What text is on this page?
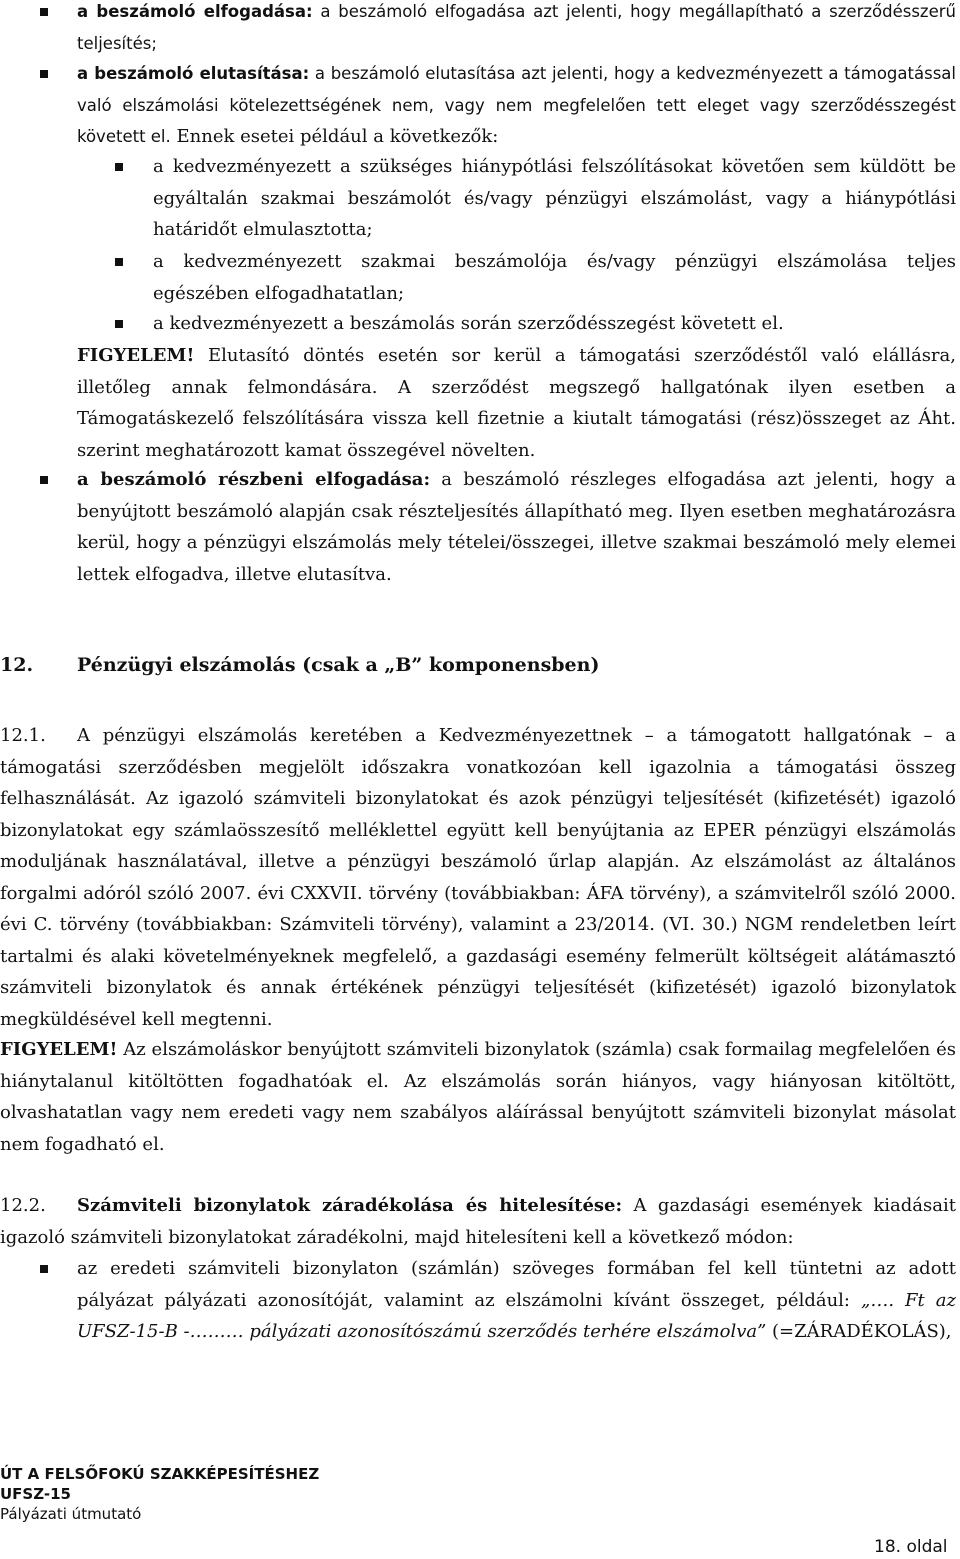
a beszámoló elfogadása: a beszámoló elfogadása azt jelenti, hogy megállapítható a szerződésszerű teljesítés;

a beszámoló elutasítása: a beszámoló elutasítása azt jelenti, hogy a kedvezményezett a támogatással való elszámolási kötelezettségének nem, vagy nem megfelelően tett eleget vagy szerződésszegést követett el. Ennek esetei például a következők:

a kedvezményezett a szükséges hiánypótlási felszólításokat követően sem küldött be egyáltalán szakmai beszámolót és/vagy pénzügyi elszámolást, vagy a hiánypótlási határidőt elmulasztotta;

a kedvezményezett szakmai beszámolója és/vagy pénzügyi elszámolása teljes egészében elfogadhatatlan;

a kedvezményezett a beszámolás során szerződésszegést követett el.

FIGYELEM! Elutasító döntés esetén sor kerül a támogatási szerződéstől való elállásra, illetőleg annak felmondására. A szerződést megszegő hallgatónak ilyen esetben a Támogatáskezelő felszólítására vissza kell fizetnie a kiutalt támogatási (rész)összeget az Áht. szerint meghatározott kamat összegével növelten.

a beszámoló részbeni elfogadása: a beszámoló részleges elfogadása azt jelenti, hogy a benyújtott beszámoló alapján csak részteljesítés állapítható meg. Ilyen esetben meghatározásra kerül, hogy a pénzügyi elszámolás mely tételei/összegei, illetve szakmai beszámoló mely elemei lettek elfogadva, illetve elutasítva.

12. Pénzügyi elszámolás (csak a „B” komponensben)

12.1. A pénzügyi elszámolás keretében a Kedvezményezettnek – a támogatott hallgatónak – a támogatási szerződésben megjelölt időszakra vonatkozóan kell igazolnia a támogatási összeg felhasználását. Az igazoló számviteli bizonylatokat és azok pénzügyi teljesítését (kifizetését) igazoló bizonylatokat egy számlaösszesítő melléklettel együtt kell benyújtania az EPER pénzügyi elszámolás moduljának használatával, illetve a pénzügyi beszámoló űrlap alapján. Az elszámolást az általános forgalmi adóról szóló 2007. évi CXXVII. törvény (továbbiakban: ÁFA törvény), a számvitelről szóló 2000. évi C. törvény (továbbiakban: Számviteli törvény), valamint a 23/2014. (VI. 30.) NGM rendeletben leírt tartalmi és alaki követelményeknek megfelelő, a gazdasági esemény felmerült költségeit alátámasztó számviteli bizonylatok és annak értékének pénzügyi teljesítését (kifizetését) igazoló bizonylatok megküldésével kell megtenni.

FIGYELEM! Az elszámoláskor benyújtott számviteli bizonylatok (számla) csak formailag megfelelően és hiánytalanul kitöltötten fogadhatóak el. Az elszámolás során hiányos, vagy hiányosan kitöltött, olvashatatlan vagy nem eredeti vagy nem szabályos aláírással benyújtott számviteli bizonylat másolat nem fogadható el.

12.2. Számviteli bizonylatok záradékolása és hitelesítése: A gazdasági események kiadásait igazoló számviteli bizonylatokat záradékolni, majd hitelesíteni kell a következő módon:

az eredeti számviteli bizonylaton (számlán) szöveges formában fel kell tüntetni az adott pályázat pályázati azonosítóját, valamint az elszámolni kívánt összeget, például: „…. Ft az UFSZ-15-B -……… pályázati azonosítószámú szerződés terhére elszámolva” (=ZÁRADÉKOLÁS),

ÚT A FELSŐFOKÚ SZAKKÉPESÍTÉSHEZ
UFSZ-15
Pályázati útmutató
18. oldal
